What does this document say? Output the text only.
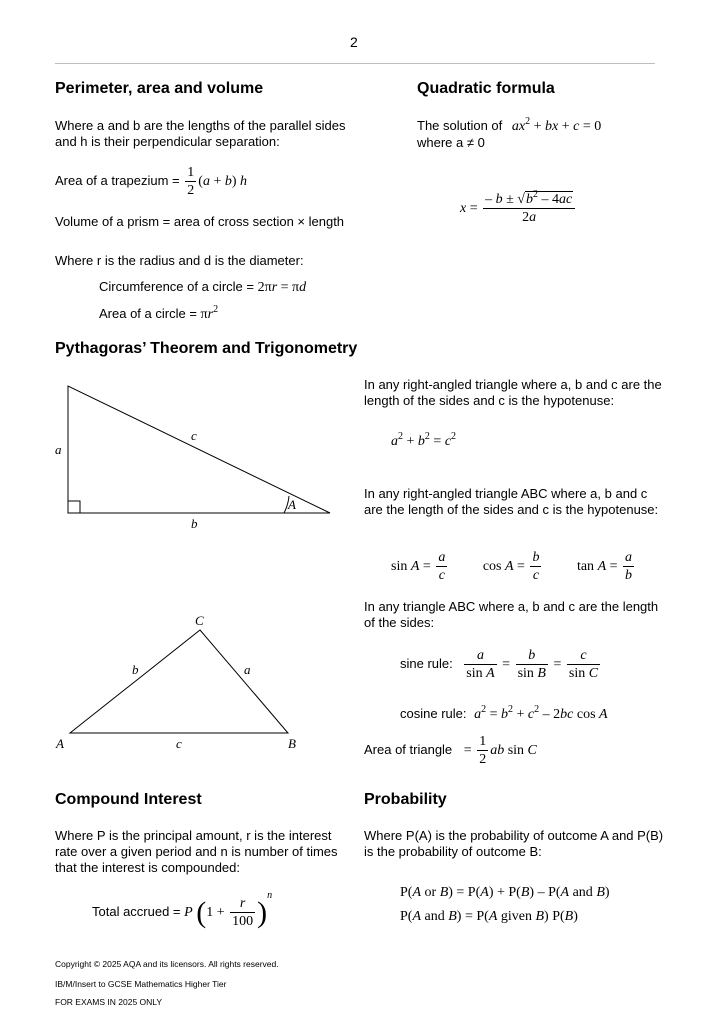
2
Perimeter, area and volume
Where a and b are the lengths of the parallel sides
and h is their perpendicular separation:
Area of a trapezium = $\frac{1}{2} (a + b)$ h
Volume of a prism = area of cross section × length
Where r is the radius and d is the diameter:
Circumference of a circle = 2πr = πd
Area of a circle = $\pi r^2$
Quadratic formula
The solution of $ax^2$ + bx + c = 0
where a ≠ 0
$x = \frac{- b \pm √b^2 - 4ac}{2a}$
Pythagoras’ Theorem and Trigonometry
a
c
b
A
In any right-angled triangle where a, b and c are the length of the sides and c is the hypotenuse:
$a^2 + b^2 = c^2$
In any right-angled triangle ABC where a, b and c are the length of the sides and c is the hypotenuse:
$\sin A = \frac{a}{c}$	$\cos A = \frac{b}{c}$	$\tan A = \frac{a}{b}$
In any triangle ABC where a, b and c are the length of the sides:
C
b	a
c
A	B
sine rule: $\frac{a}{\text{sin A}} = \frac{b}{\text{sin B}} = \frac{c}{\text{sin C}}$
cosine rule: $a^2 = b^2 + c^2 - 2bc$ cos A
Area of triangle = $\frac{1}{2}$ ab sin C
Compound Interest
Where P is the principal amount, r is the interest rate over a given period and n is number of times that the interest is compounded:
Total accrued = P $(1 + \frac{r}{100} )^n$
Probability
Where P(A) is the probability of outcome A and P(B) is the probability of outcome B:
P(A or B) = P(A) + P(B) – P(A and B)
P(A and B) = P(A given B) P(B)
Copyright © 2025 AQA and its licensors. All rights reserved.
IB/M/Insert to GCSE Mathematics Higher Tier
FOR EXAMS IN 2025 ONLY
